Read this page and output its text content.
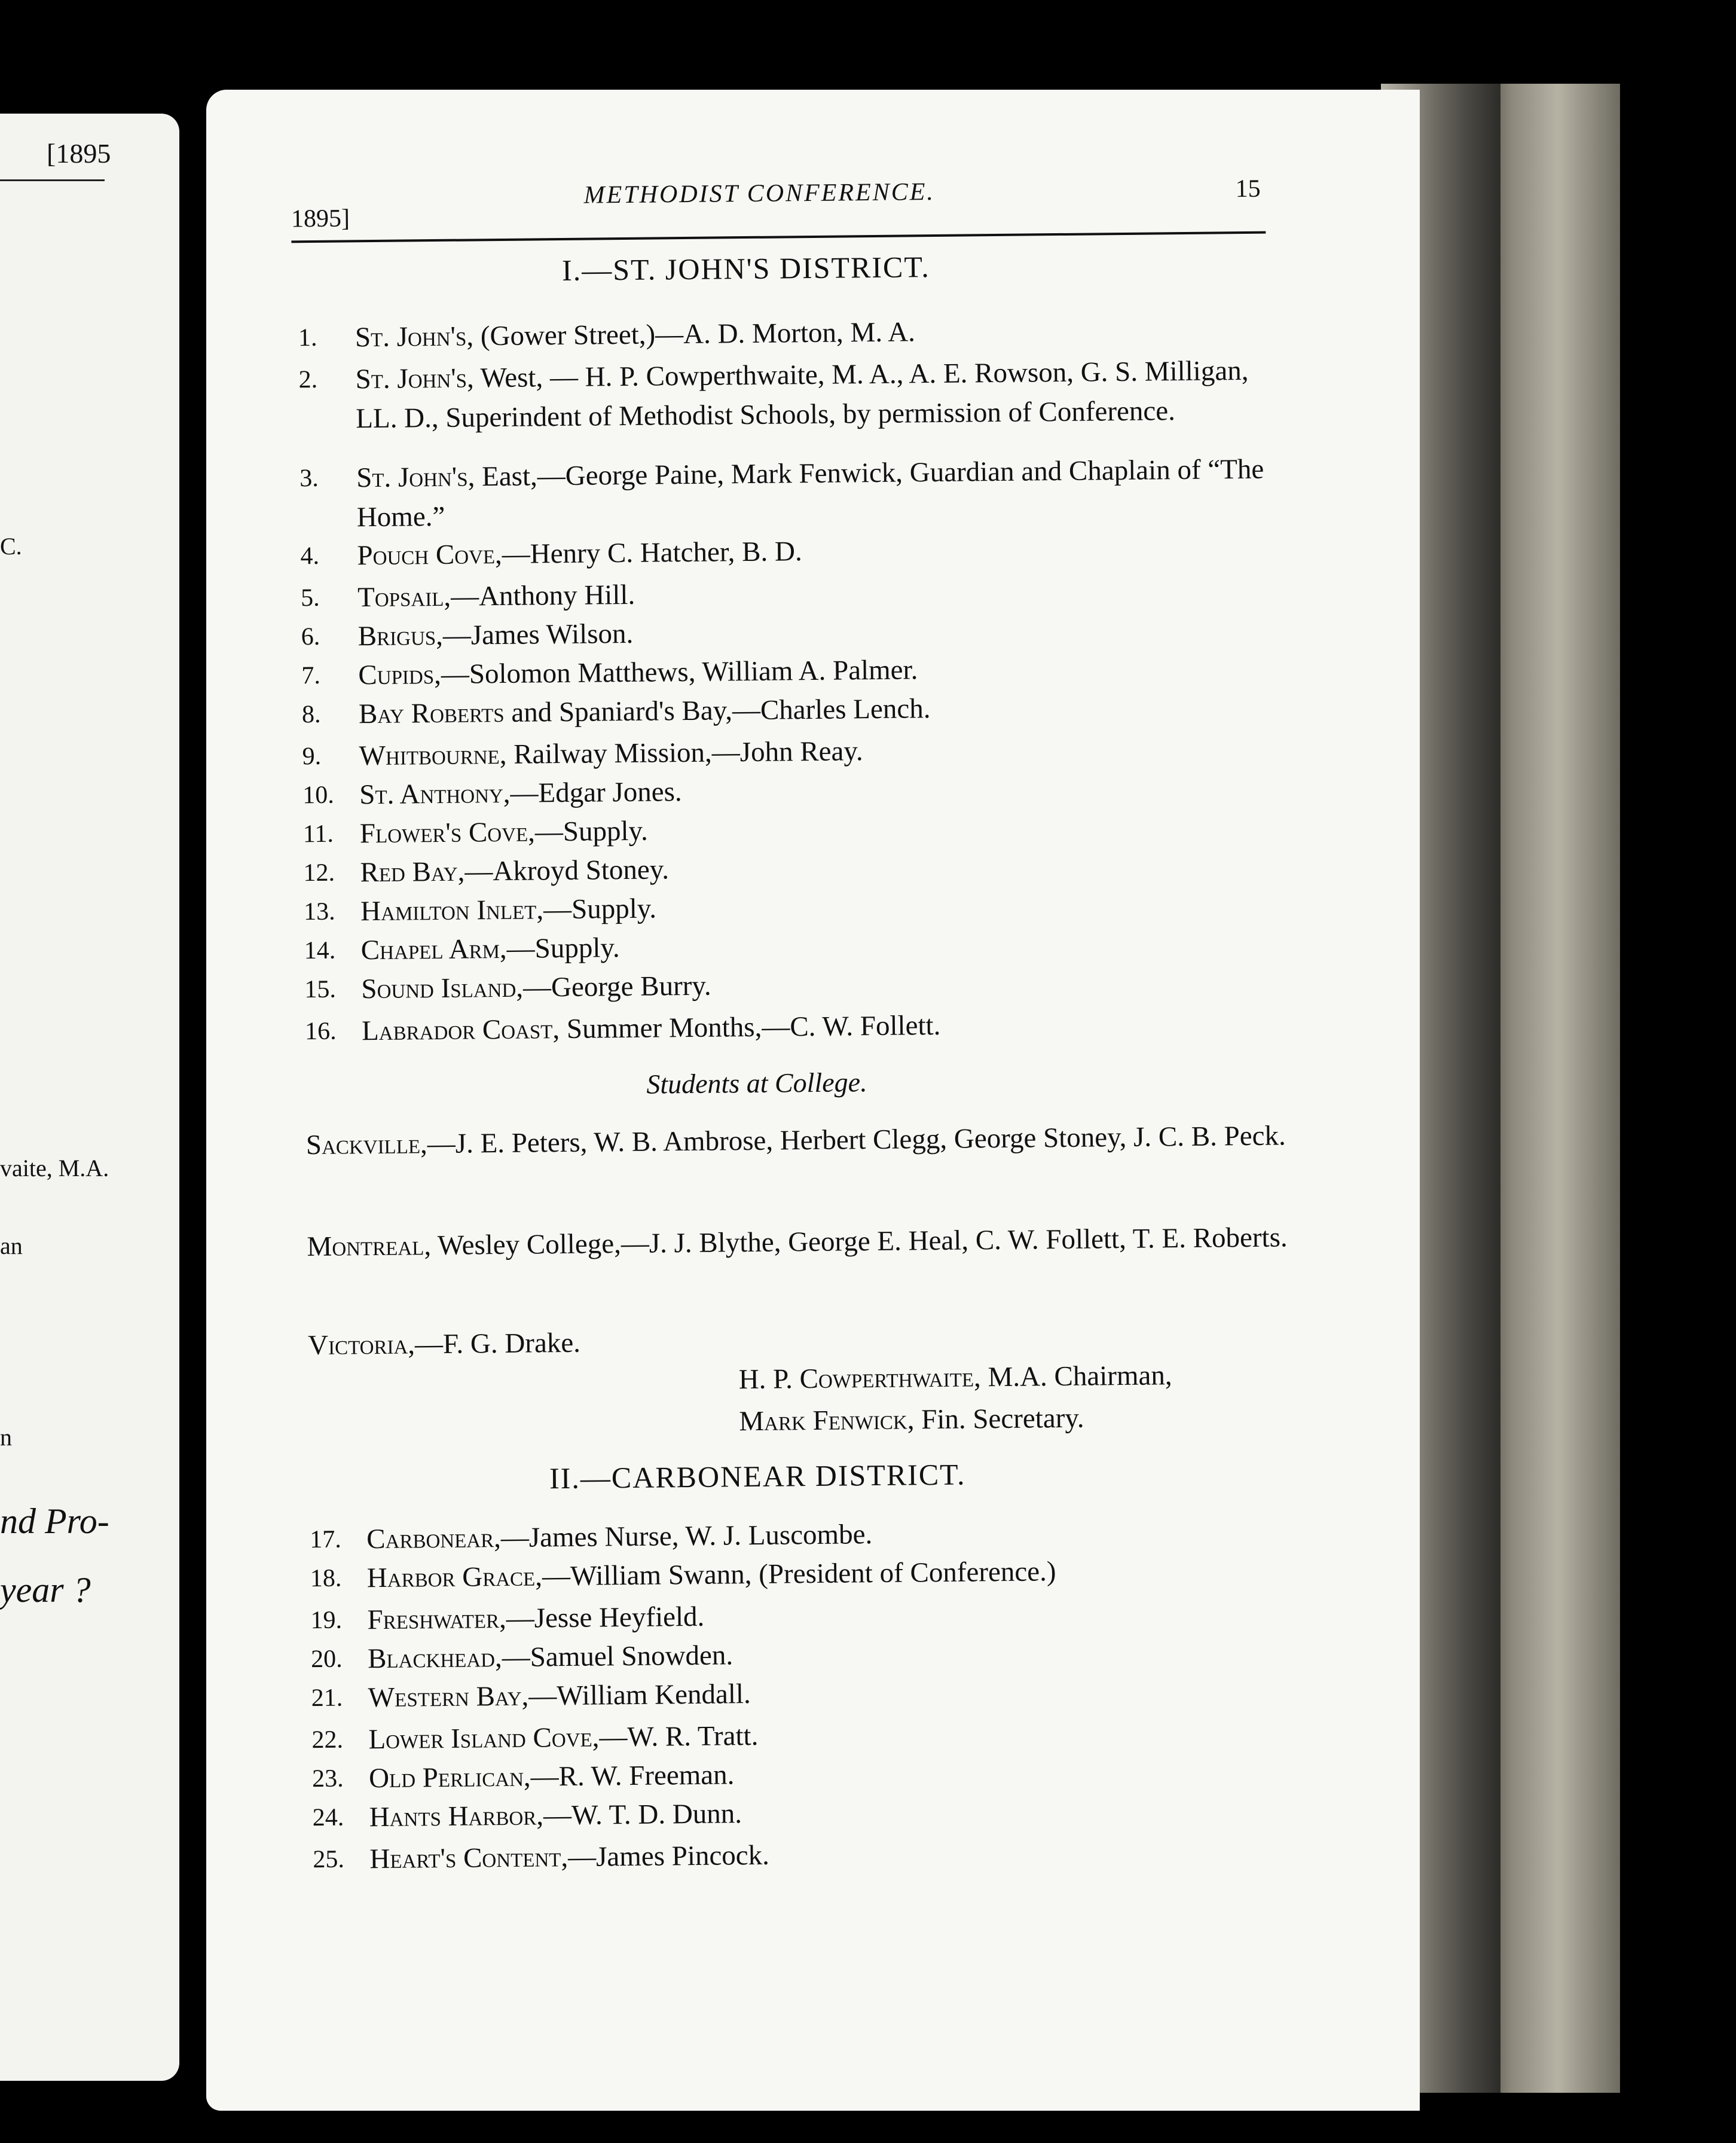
[1895
C.
vaite, M.A.
an
n
nd Pro-
year ?
1895]
METHODIST CONFERENCE.	15
I.—ST. JOHN'S DISTRICT.
1.	St. John's, (Gower Street,)—A. D. Morton, M. A.
2.	St. John's, West, — H. P. Cowperthwaite, M. A., A. E. Rowson, G. S. Milligan, LL. D., Superindent of Methodist Schools, by permission of Conference.
3.	St. John's, East,—George Paine, Mark Fenwick, Guardian and Chaplain of “The Home.”
4.	Pouch Cove,—Henry C. Hatcher, B. D.
5.	Topsail,—Anthony Hill.
6.	Brigus,—James Wilson.
7.	Cupids,—Solomon Matthews, William A. Palmer.
8.	Bay Roberts and Spaniard's Bay,—Charles Lench.
9.	Whitbourne, Railway Mission,—John Reay.
10. St. Anthony,—Edgar Jones.
11. Flower's Cove,—Supply.
12. Red Bay,—Akroyd Stoney.
13. Hamilton Inlet,—Supply.
14. Chapel Arm,—Supply.
15. Sound Island,—George Burry.
16. Labrador Coast, Summer Months,—C. W. Follett.
Students at College.
Sackville,—J. E. Peters, W. B. Ambrose, Herbert Clegg, George Stoney, J. C. B. Peck.
Montreal, Wesley College,—J. J. Blythe, George E. Heal, C. W. Follett, T. E. Roberts.
Victoria,—F. G. Drake.
H. P. Cowperthwaite, M.A. Chairman,
Mark Fenwick, Fin. Secretary.
II.—CARBONEAR DISTRICT.
17. Carbonear,—James Nurse, W. J. Luscombe.
18. Harbor Grace,—William Swann, (President of Conference.)
19. Freshwater,—Jesse Heyfield.
20. Blackhead,—Samuel Snowden.
21. Western Bay,—William Kendall.
22. Lower Island Cove,—W. R. Tratt.
23. Old Perlican,—R. W. Freeman.
24. Hants Harbor,—W. T. D. Dunn.
25. Heart's Content,—James Pincock.
